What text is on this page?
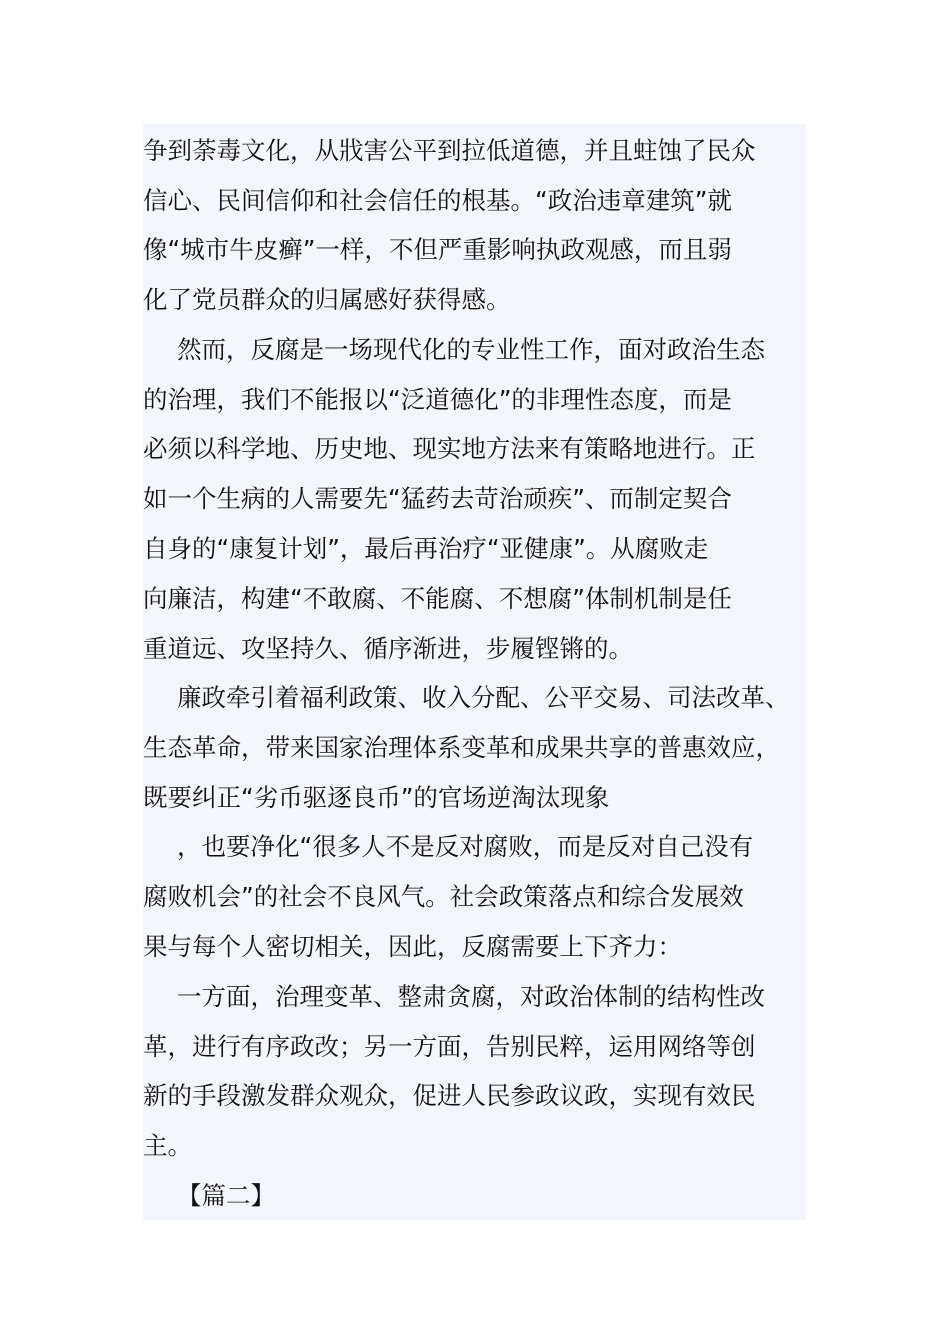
争到荼毒文化，从戕害公平到拉低道德，并且蛀蚀了民众
信心、民间信仰和社会信任的根基。“政治违章建筑”就
像“城市牛皮癣”一样，不但严重影响执政观感，而且弱
化了党员群众的归属感好获得感。
然而，反腐是一场现代化的专业性工作，面对政治生态
的治理，我们不能报以“泛道德化”的非理性态度，而是
必须以科学地、历史地、现实地方法来有策略地进行。正
如一个生病的人需要先“猛药去苛治顽疾”、而制定契合
自身的“康复计划”，最后再治疗“亚健康”。从腐败走
向廉洁，构建“不敢腐、不能腐、不想腐”体制机制是任
重道远、攻坚持久、循序渐进，步履铿锵的。
廉政牵引着福利政策、收入分配、公平交易、司法改革、
生态革命，带来国家治理体系变革和成果共享的普惠效应，
既要纠正“劣币驱逐良币”的官场逆淘汰现象
，也要净化“很多人不是反对腐败，而是反对自己没有
腐败机会”的社会不良风气。社会政策落点和综合发展效
果与每个人密切相关，因此，反腐需要上下齐力：
一方面，治理变革、整肃贪腐，对政治体制的结构性改
革，进行有序政改；另一方面，告别民粹，运用网络等创
新的手段激发群众观众，促进人民参政议政，实现有效民
主。
【篇二】
